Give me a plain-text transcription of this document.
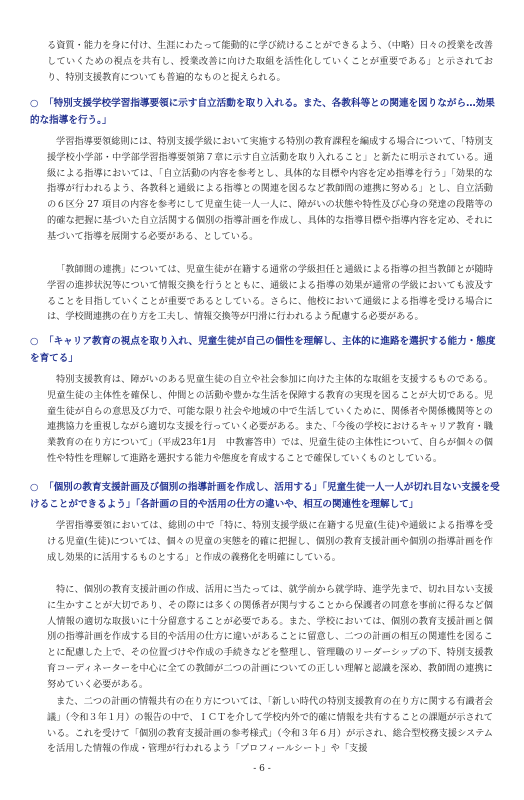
る資質・能力を身に付け、生涯にわたって能動的に学び続けることができるよう、（中略）日々の授業を改善していくための視点を共有し、授業改善に向けた取組を活性化していくことが重要である」と示されており、特別支援教育についても普遍的なものと捉えられる。

○ 「特別支援学校学習指導要領に示す自立活動を取り入れる。また、各教科等との関連を図りながら…効果的な指導を行う。」

学習指導要領総則には、特別支援学級において実施する特別の教育課程を編成する場合について、「特別支援学校小学部・中学部学習指導要領第７章に示す自立活動を取り入れること」と新たに明示されている。通級による指導においては、「自立活動の内容を参考とし、具体的な目標や内容を定め指導を行う」「効果的な指導が行われるよう、各教科と通級による指導との関連を図るなど教師間の連携に努める」とし、自立活動の６区分 27 項目の内容を参考にして児童生徒一人一人に、障がいの状態や特性及び心身の発達の段階等の的確な把握に基づいた自立活関する個別の指導計画を作成し、具体的な指導目標や指導内容を定め、それに基づいて指導を展開する必要がある、としている。

「教師間の連携」については、児童生徒が在籍する通常の学級担任と通級による指導の担当教師とが随時学習の進捗状況等について情報交換を行うとともに、通級による指導の効果が通常の学級においても波及することを目指していくことが重要であるとしている。さらに、他校において通級による指導を受ける場合には、学校間連携の在り方を工夫し、情報交換等が円滑に行われるよう配慮する必要がある。

○ 「キャリア教育の視点を取り入れ、児童生徒が自己の個性を理解し、主体的に進路を選択する能力・態度を育てる」

特別支援教育は、障がいのある児童生徒の自立や社会参加に向けた主体的な取組を支援するものである。児童生徒の主体性を確保し、仲間との活動や豊かな生活を保障する教育の実現を図ることが大切である。児童生徒が自らの意思及び力で、可能な限り社会や地域の中で生活していくために、関係者や関係機関等との連携協力を重視しながら適切な支援を行っていく必要がある。また、「今後の学校におけるキャリア教育・職業教育の在り方について」（平成23年1月　中教審答申）では、児童生徒の主体性について、自らが個々の個性や特性を理解して進路を選択する能力や態度を育成することで確保していくものとしている。

○ 「個別の教育支援計画及び個別の指導計画を作成し、活用する」「児童生徒一人一人が切れ目ない支援を受けることができるよう」「各計画の目的や活用の仕方の違いや、相互の関連性を理解して」

学習指導要領においては、総則の中で「特に、特別支援学級に在籍する児童(生徒)や通級による指導を受ける児童(生徒)については、個々の児童の実態を的確に把握し、個別の教育支援計画や個別の指導計画を作成し効果的に活用するものとする」と作成の義務化を明確にしている。

特に、個別の教育支援計画の作成、活用に当たっては、就学前から就学時、進学先まで、切れ目ない支援に生かすことが大切であり、その際には多くの関係者が関与することから保護者の同意を事前に得るなど個人情報の適切な取扱いに十分留意することが必要である。また、学校においては、個別の教育支援計画と個別の指導計画を作成する目的や活用の仕方に違いがあることに留意し、二つの計画の相互の関連性を図ることに配慮した上で、その位置づけや作成の手続きなどを整理し、管理職のリーダーシップの下、特別支援教育コーディネーターを中心に全ての教師が二つの計画についての正しい理解と認識を深め、教師間の連携に努めていく必要がある。

また、二つの計画の情報共有の在り方については、「新しい時代の特別支援教育の在り方に関する有識者会議」（令和３年１月）の報告の中で、ＩＣＴを介して学校内外で的確に情報を共有することの課題が示されている。これを受けて「個別の教育支援計画の参考様式」（令和３年６月）が示され、総合型校務支援システムを活用した情報の作成・管理が行われるよう「プロフィールシート」や「支援

- 6 -
